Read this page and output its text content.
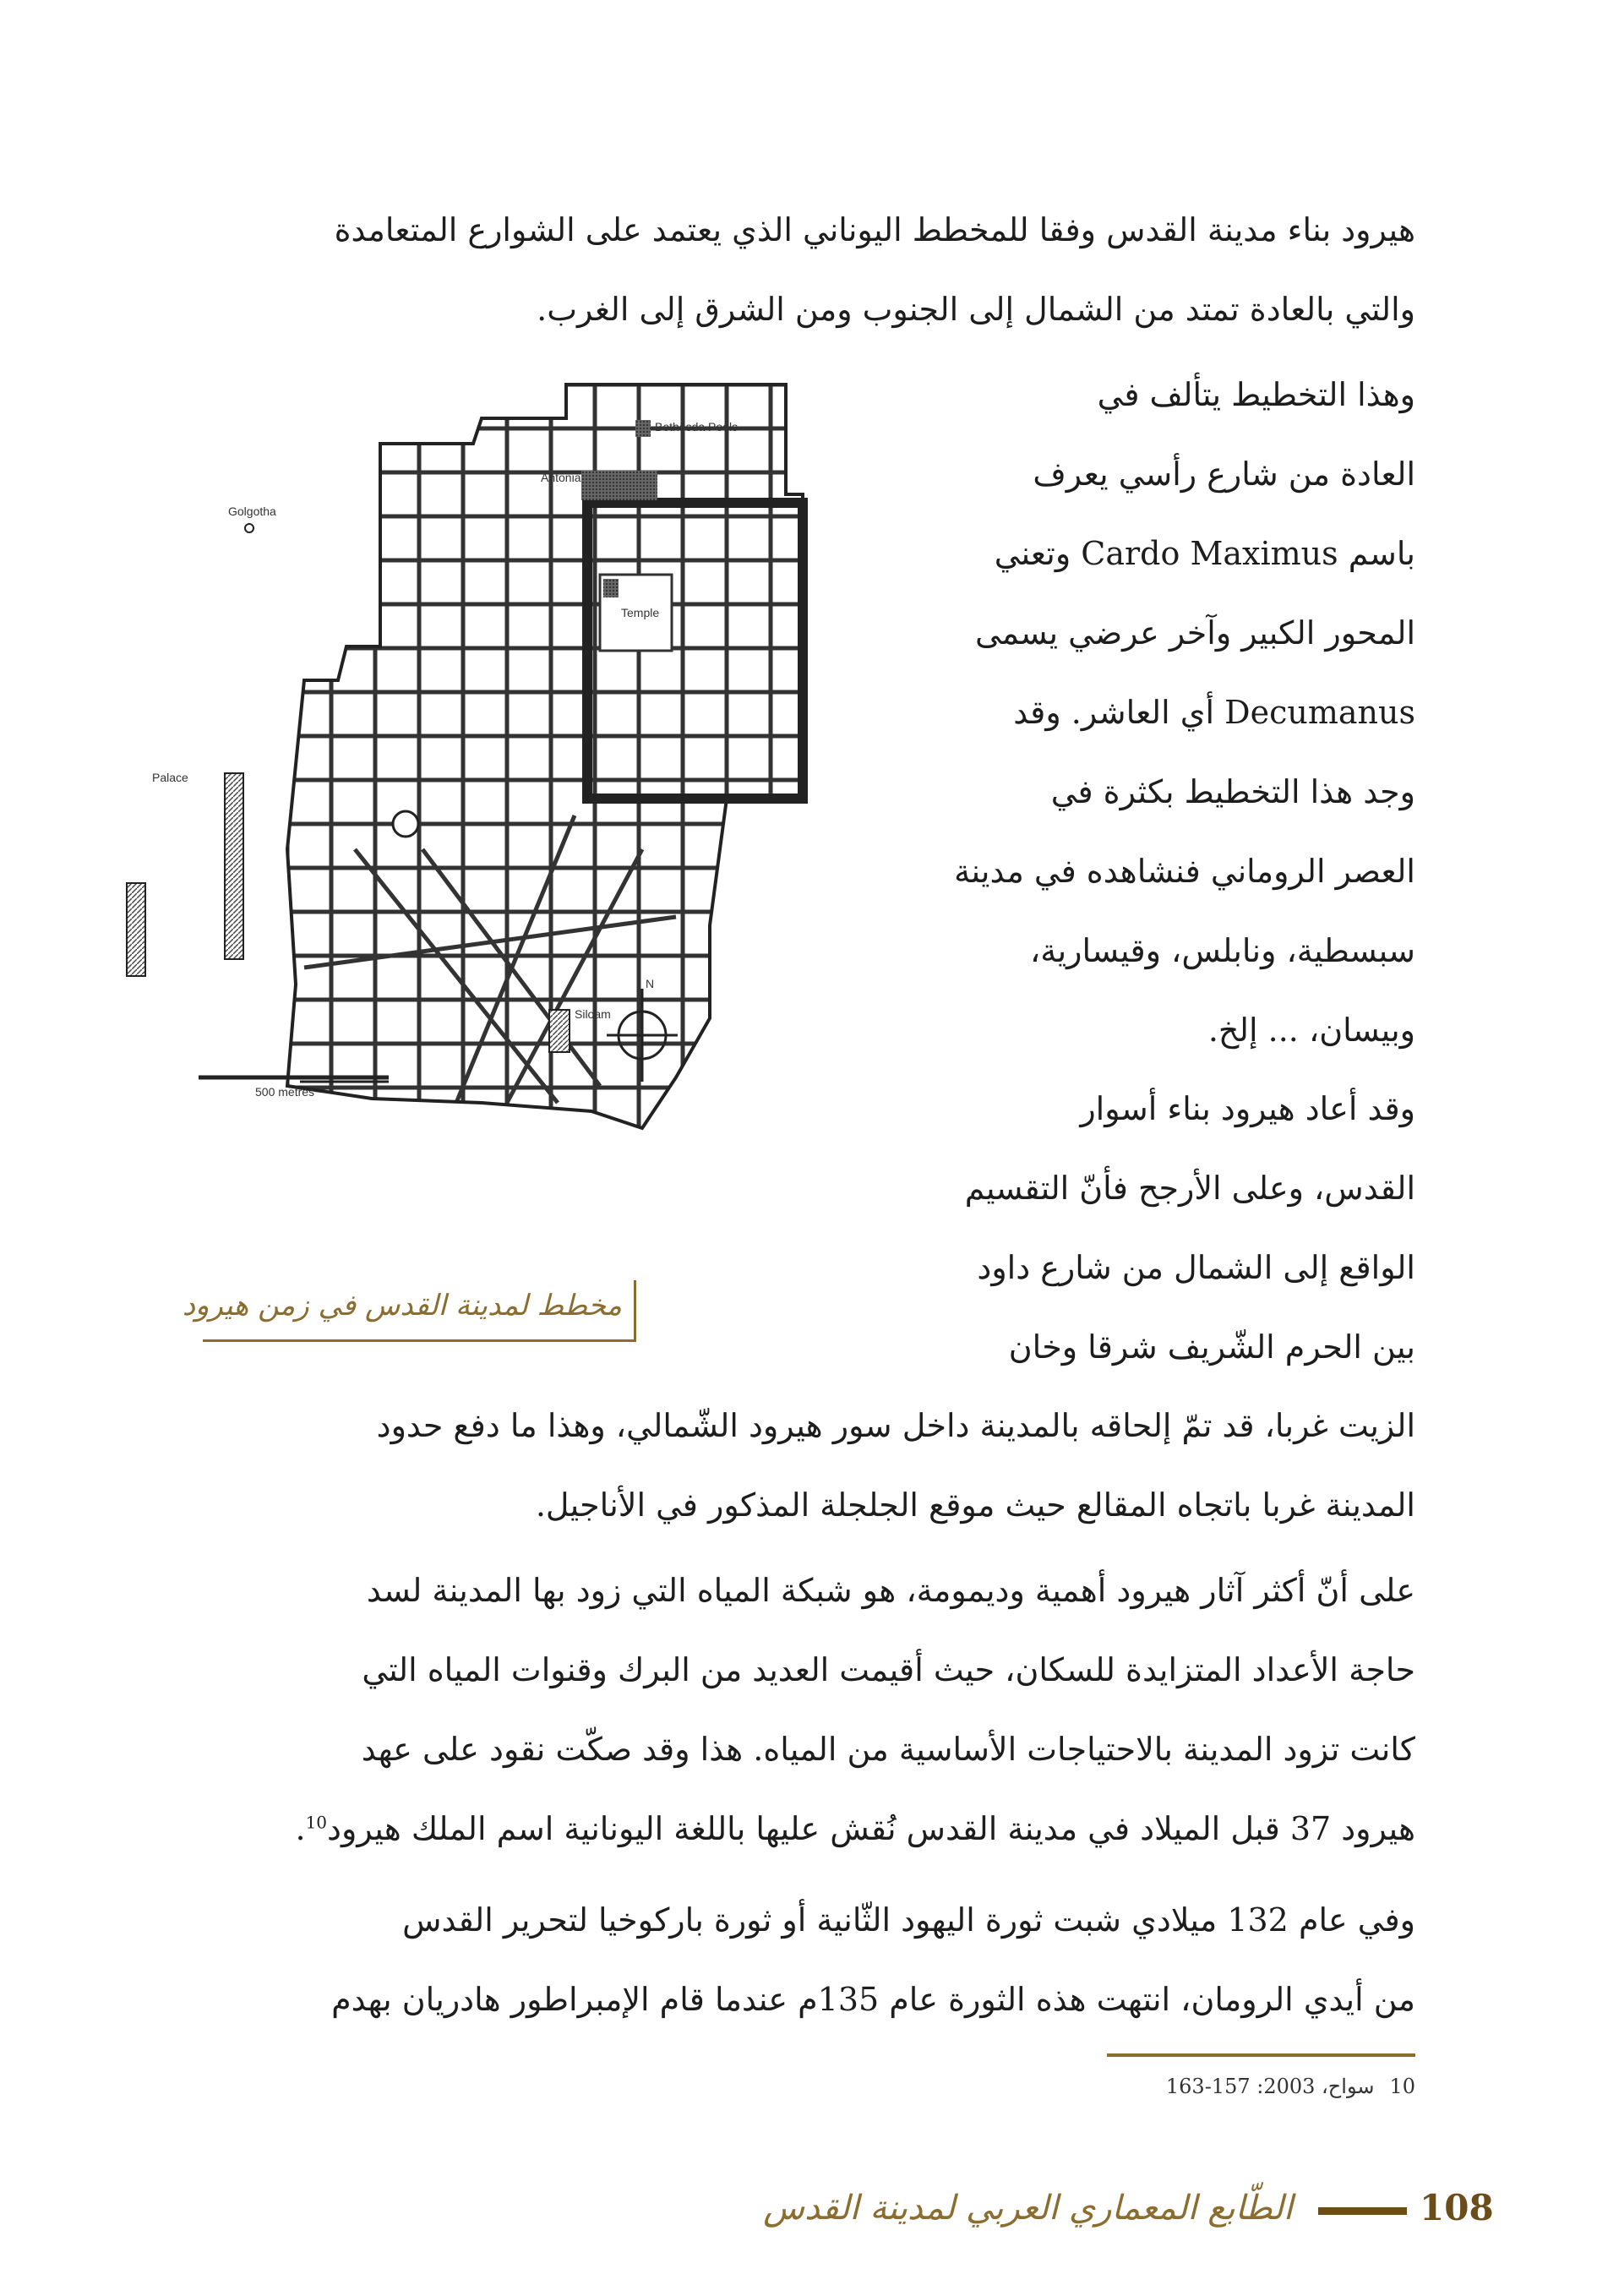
هيرود بناء مدينة القدس وفقا للمخطط اليوناني الذي يعتمد على الشوارع المتعامدة
والتي بالعادة تمتد من الشمال إلى الجنوب ومن الشرق إلى الغرب.
وهذا التخطيط يتألف في
العادة من شارع رأسي يعرف
باسم Cardo Maximus وتعني
المحور الكبير وآخر عرضي يسمى
Decumanus أي العاشر. وقد
وجد هذا التخطيط بكثرة في
العصر الروماني فنشاهده في مدينة
سبسطية، ونابلس، وقيسارية،
وبيسان، ... إلخ.
وقد أعاد هيرود بناء أسوار
القدس، وعلى الأرجح فأنّ التقسيم
الواقع إلى الشمال من شارع داود
بين الحرم الشّريف شرقا وخان
الزيت غربا، قد تمّ إلحاقه بالمدينة داخل سور هيرود الشّمالي، وهذا ما دفع حدود
المدينة غربا باتجاه المقالع حيث موقع الجلجلة المذكور في الأناجيل.
على أنّ أكثر آثار هيرود أهمية وديمومة، هو شبكة المياه التي زود بها المدينة لسد
حاجة الأعداد المتزايدة للسكان، حيث أقيمت العديد من البرك وقنوات المياه التي
كانت تزود المدينة بالاحتياجات الأساسية من المياه. هذا وقد صكّت نقود على عهد
هيرود 37 قبل الميلاد في مدينة القدس نُقش عليها باللغة اليونانية اسم الملك هيرود$^{10}$.
وفي عام 132 ميلادي شبت ثورة اليهود الثّانية أو ثورة باركوخيا لتحرير القدس
من أيدي الرومان، انتهت هذه الثورة عام 135م عندما قام الإمبراطور هادريان بهدم
Bethesda Pools
Antonia
Golgotha
Temple
Palace
Siloam
N
500 metres
مخطط لمدينة القدس في زمن هيرود
10سواح، 2003: 157-163
الطّابع المعماري العربي لمدينة القدس	108
